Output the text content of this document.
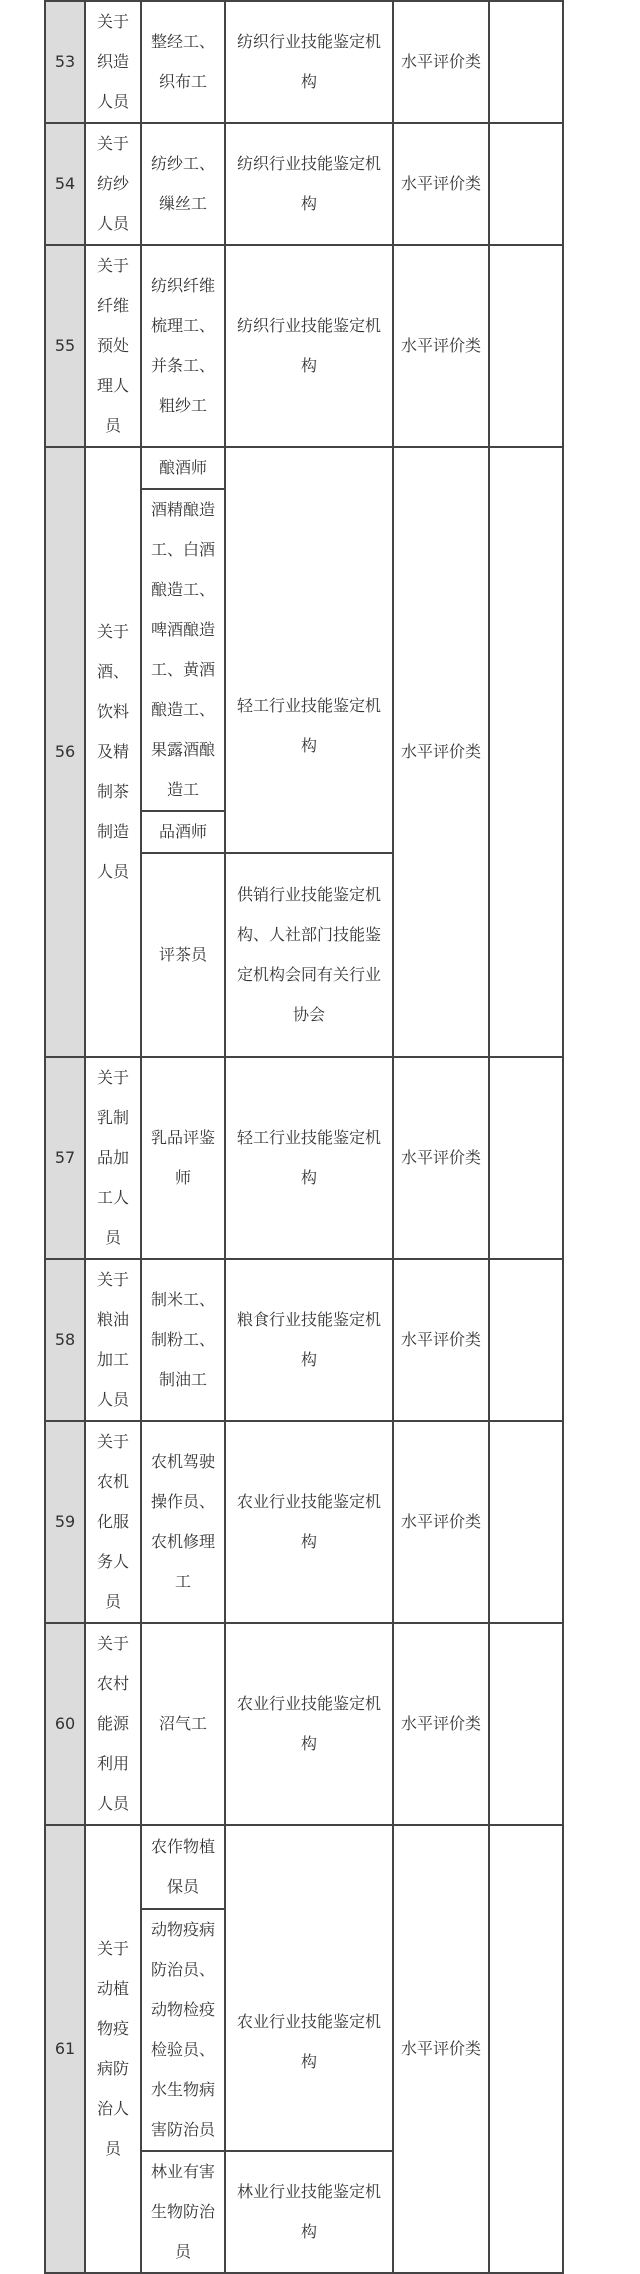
53	关于织造人员	整经工、织布工	纺织行业技能鉴定机构	水平评价类	
54	关于纺纱人员	纺纱工、缫丝工	纺织行业技能鉴定机构	水平评价类	
55	关于纤维预处理人员	纺织纤维梳理工、并条工、粗纱工	纺织行业技能鉴定机构	水平评价类	
56	关于酒、饮料及精制茶制造人员	酿酒师	轻工行业技能鉴定机构	水平评价类	
		酒精酿造工、白酒酿造工、啤酒酿造工、黄酒酿造工、果露酒酿造工			
		品酒师			
		评茶员	供销行业技能鉴定机构、人社部门技能鉴定机构会同有关行业协会		
57	关于乳制品加工人员	乳品评鉴师	轻工行业技能鉴定机构	水平评价类	
58	关于粮油加工人员	制米工、制粉工、制油工	粮食行业技能鉴定机构	水平评价类	
59	关于农机化服务人员	农机驾驶操作员、农机修理工	农业行业技能鉴定机构	水平评价类	
60	关于农村能源利用人员	沼气工	农业行业技能鉴定机构	水平评价类	
61	关于动植物疫病防治人员	农作物植保员	农业行业技能鉴定机构	水平评价类	
		动物疫病防治员、动物检疫检验员、水生物病害防治员			
		林业有害生物防治员	林业行业技能鉴定机构		
